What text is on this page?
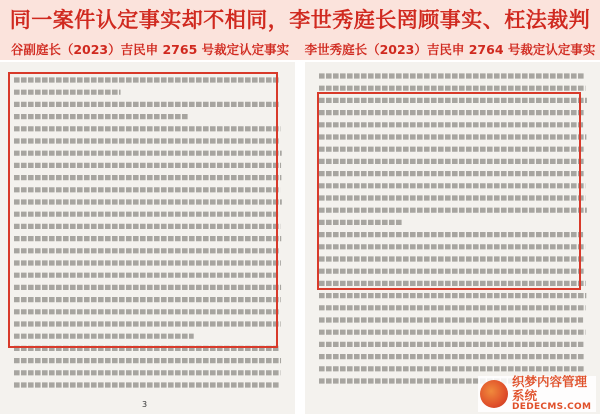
同一案件认定事实却不相同，李世秀庭长罔顾事实、枉法裁判
谷副庭长（2023）吉民申 2765 号裁定认定事实 李世秀庭长（2023）吉民申 2764 号裁定认定事实
3
织梦内容管理系统
DEDECMS.COM
